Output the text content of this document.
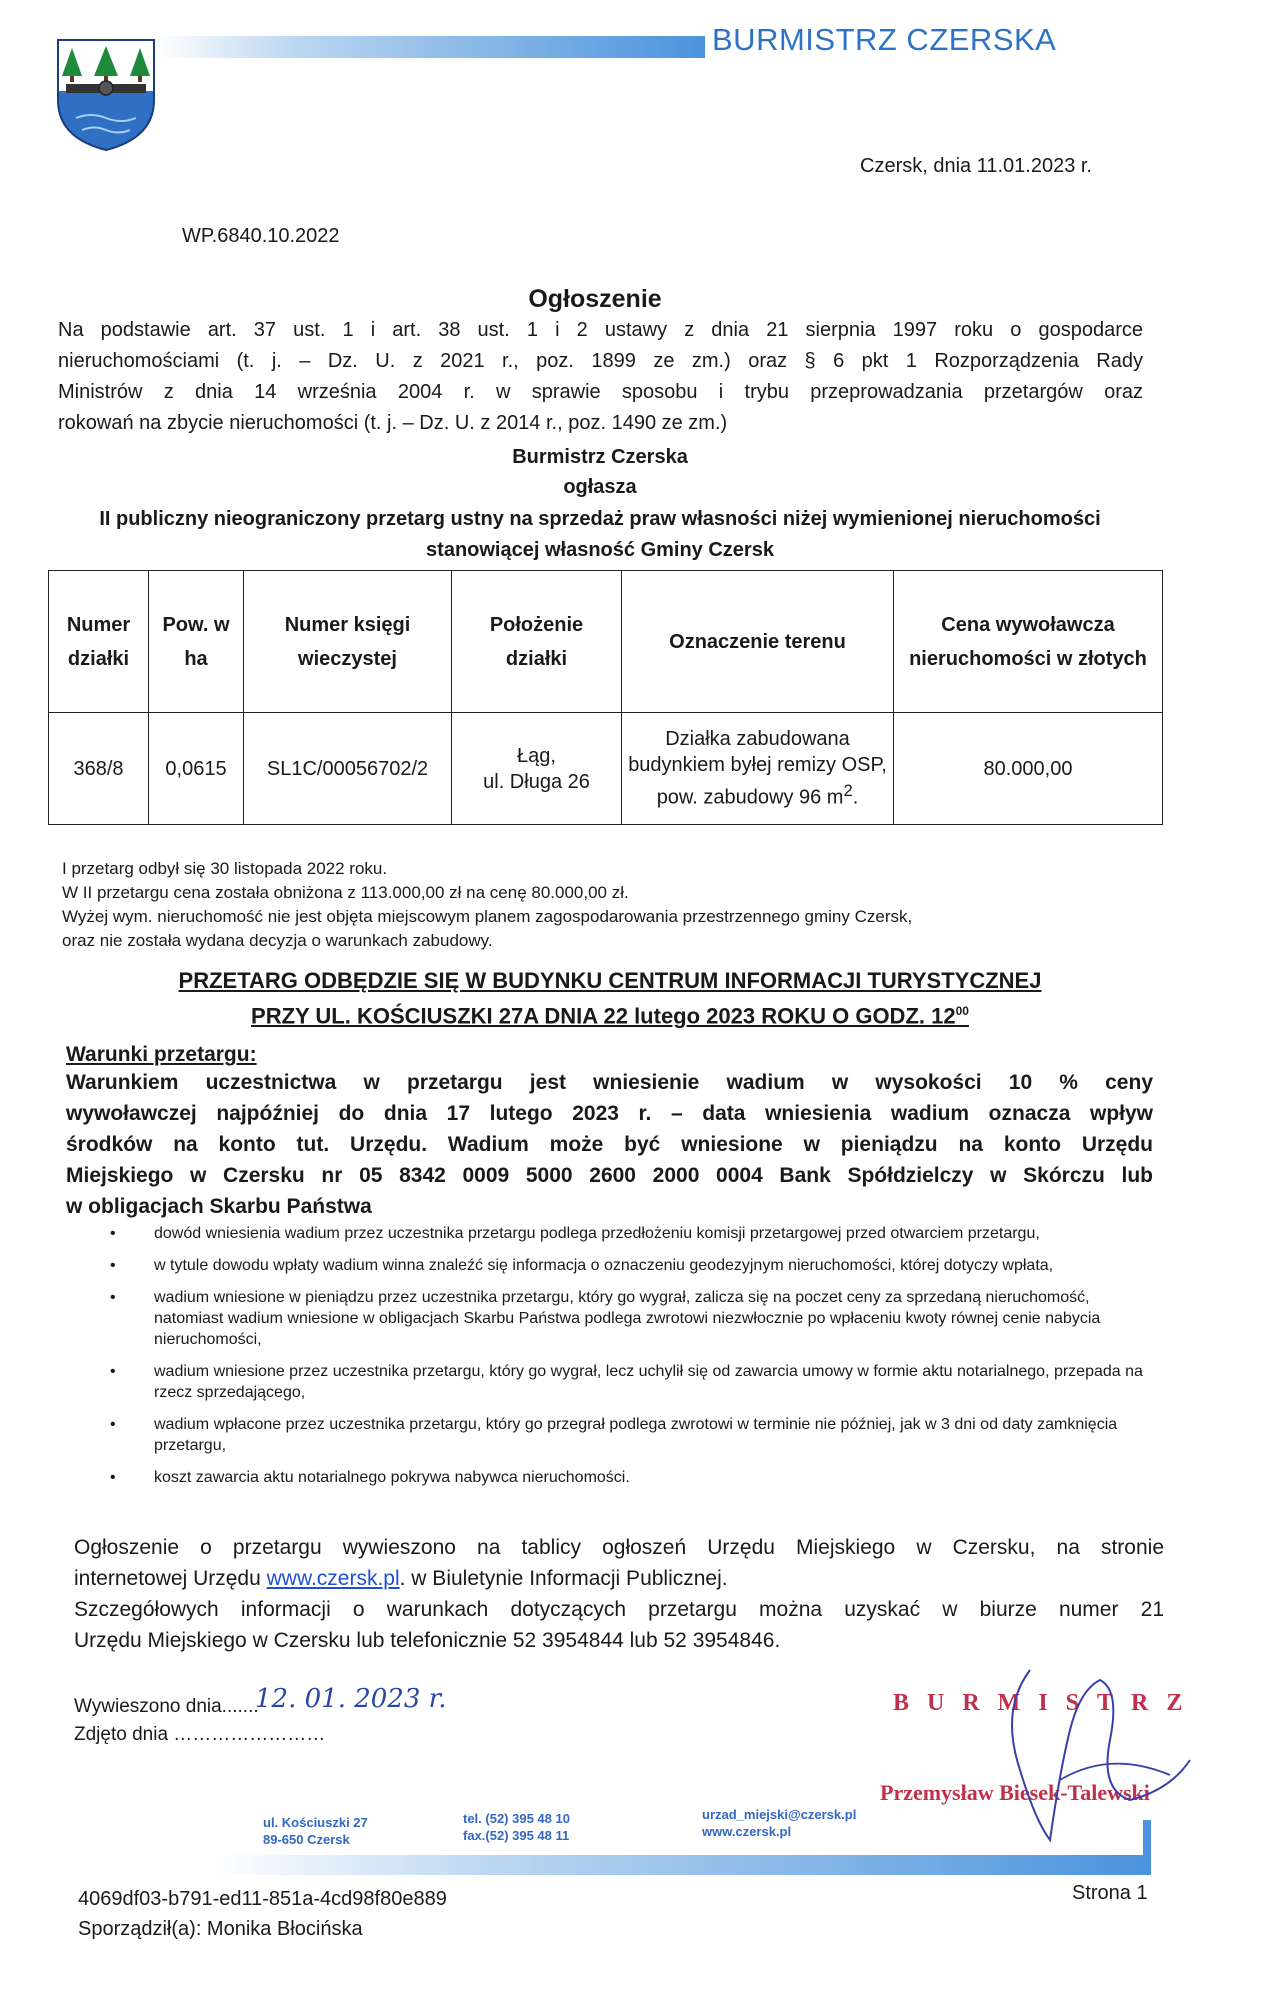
BURMISTRZ CZERSKA
Czersk, dnia 11.01.2023 r.
WP.6840.10.2022
Ogłoszenie
Na podstawie art. 37 ust. 1 i art. 38 ust. 1 i 2 ustawy z dnia 21 sierpnia 1997 roku o gospodarce
nieruchomościami (t. j. – Dz. U. z 2021 r., poz. 1899 ze zm.) oraz § 6 pkt 1 Rozporządzenia Rady
Ministrów z dnia 14 września 2004 r. w sprawie sposobu i trybu przeprowadzania przetargów oraz
rokowań na zbycie nieruchomości (t. j. – Dz. U. z 2014 r., poz. 1490 ze zm.)
Burmistrz Czerska
ogłasza
II publiczny nieograniczony przetarg ustny na sprzedaż praw własności niżej wymienionej nieruchomości stanowiącej własność Gminy Czersk
Numer działki	Pow. w ha	Numer księgi wieczystej	Położenie działki	Oznaczenie terenu	Cena wywoławcza nieruchomości w złotych
368/8	0,0615	SL1C/00056702/2	Łąg,
ul. Długa 26	Działka zabudowana budynkiem byłej remizy OSP, pow. zabudowy 96 $m^2$.	80.000,00
I przetarg odbył się 30 listopada 2022 roku.
W II przetargu cena została obniżona z 113.000,00 zł na cenę 80.000,00 zł.
Wyżej wym. nieruchomość nie jest objęta miejscowym planem zagospodarowania przestrzennego gminy Czersk,
oraz nie została wydana decyzja o warunkach zabudowy.
PRZETARG ODBĘDZIE SIĘ W BUDYNKU CENTRUM INFORMACJI TURYSTYCZNEJ
PRZY UL. KOŚCIUSZKI 27A DNIA 22 lutego 2023 ROKU O GODZ. $12^{00}$
Warunki przetargu:
Warunkiem uczestnictwa w przetargu jest wniesienie wadium w wysokości 10 % ceny
wywoławczej najpóźniej do dnia 17 lutego 2023 r. – data wniesienia wadium oznacza wpływ
środków na konto tut. Urzędu. Wadium może być wniesione w pieniądzu na konto Urzędu
Miejskiego w Czersku nr 05 8342 0009 5000 2600 2000 0004 Bank Spółdzielczy w Skórczu lub
w obligacjach Skarbu Państwa
• dowód wniesienia wadium przez uczestnika przetargu podlega przedłożeniu komisji przetargowej przed otwarciem przetargu,
• w tytule dowodu wpłaty wadium winna znaleźć się informacja o oznaczeniu geodezyjnym nieruchomości, której dotyczy wpłata,
• wadium wniesione w pieniądzu przez uczestnika przetargu, który go wygrał, zalicza się na poczet ceny za sprzedaną nieruchomość, natomiast wadium wniesione w obligacjach Skarbu Państwa podlega zwrotowi niezwłocznie po wpłaceniu kwoty równej cenie nabycia nieruchomości,
• wadium wniesione przez uczestnika przetargu, który go wygrał, lecz uchylił się od zawarcia umowy w formie aktu notarialnego, przepada na rzecz sprzedającego,
• wadium wpłacone przez uczestnika przetargu, który go przegrał podlega zwrotowi w terminie nie później, jak w 3 dni od daty zamknięcia przetargu,
• koszt zawarcia aktu notarialnego pokrywa nabywca nieruchomości.
Ogłoszenie o przetargu wywieszono na tablicy ogłoszeń Urzędu Miejskiego w Czersku, na stronie
internetowej Urzędu www.czersk.pl. w Biuletynie Informacji Publicznej.
Szczegółowych informacji o warunkach dotyczących przetargu można uzyskać w biurze numer 21
Urzędu Miejskiego w Czersku lub telefonicznie 52 3954844 lub 52 3954846.
Wywieszono dnia.......
12. 01. 2023 r.
Zdjęto dnia ……………………
BURMISTRZ
Przemysław Biesek-Talewski
ul. Kościuszki 27
89-650 Czersk
tel. (52) 395 48 10
fax.(52) 395 48 11
urzad_miejski@czersk.pl
www.czersk.pl
4069df03-b791-ed11-851a-4cd98f80e889	Strona 1
Sporządził(a): Monika Błocińska
